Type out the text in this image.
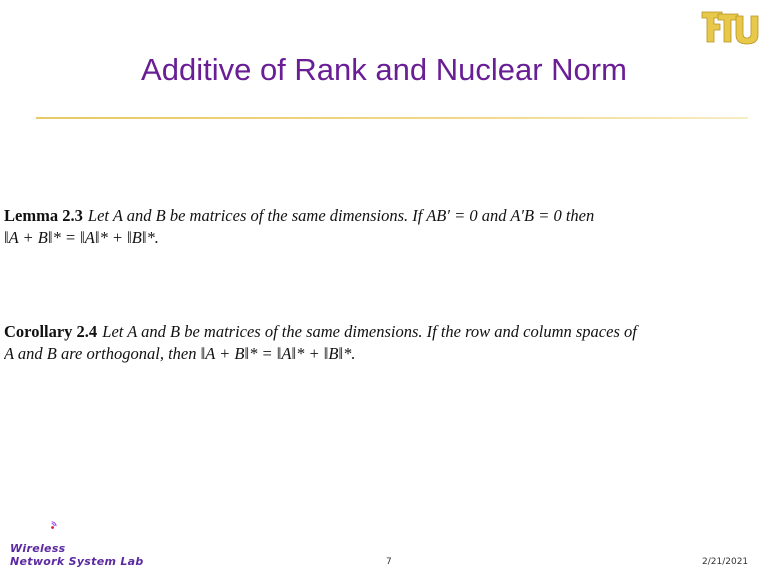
Additive of Rank and Nuclear Norm
Lemma 2.3 Let A and B be matrices of the same dimensions. If AB′ = 0 and A′B = 0 then
‖A + B‖* = ‖A‖* + ‖B‖*.
Corollary 2.4 Let A and B be matrices of the same dimensions. If the row and column spaces of
A and B are orthogonal, then ‖A + B‖* = ‖A‖* + ‖B‖*.
Wireless
Network System Lab	7	2/21/2021
